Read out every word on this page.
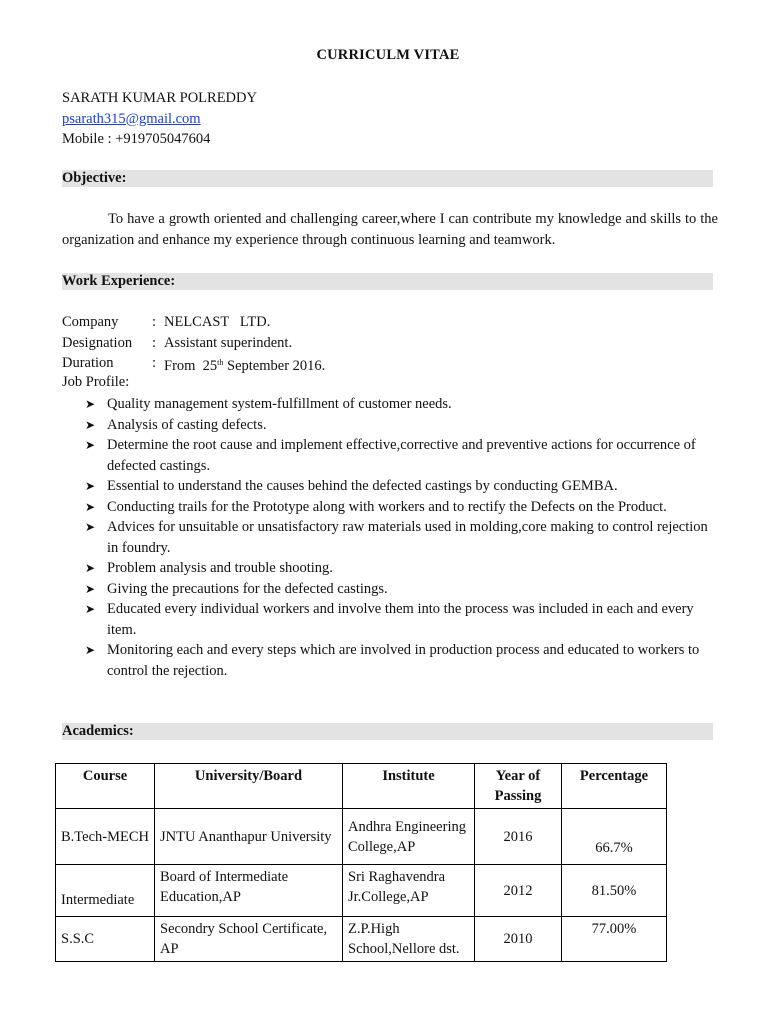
CURRICULM VITAE
SARATH KUMAR POLREDDY
psarath315@gmail.com
Mobile : +919705047604
Objective:
To have a growth oriented and challenging career,where I can contribute my knowledge and skills to the organization and enhance my experience through continuous learning and teamwork.
Work Experience:
Company	: NELCAST   LTD.
Designation	: Assistant superindent.
Duration	: From  25th September 2016.
Job Profile:
➤ Quality management system-fulfillment of customer needs.
➤ Analysis of casting defects.
➤ Determine the root cause and implement effective,corrective and preventive actions for occurrence of defected castings.
➤ Essential to understand the causes behind the defected castings by conducting GEMBA.
➤ Conducting trails for the Prototype along with workers and to rectify the Defects on the Product.
➤ Advices for unsuitable or unsatisfactory raw materials used in molding,core making to control rejection in foundry.
➤ Problem analysis and trouble shooting.
➤ Giving the precautions for the defected castings.
➤ Educated every individual workers and involve them into the process was included in each and every item.
➤ Monitoring each and every steps which are involved in production process and educated to workers to control the rejection.
Academics:
Course	University/Board	Institute	Year of Passing	Percentage
B.Tech-MECH	JNTU Ananthapur University	Andhra Engineering College,AP	2016	66.7%
Intermediate	Board of Intermediate Education,AP	Sri Raghavendra Jr.College,AP	2012	81.50%
S.S.C	Secondry School Certificate, AP	Z.P.High School,Nellore dst.	2010	77.00%
